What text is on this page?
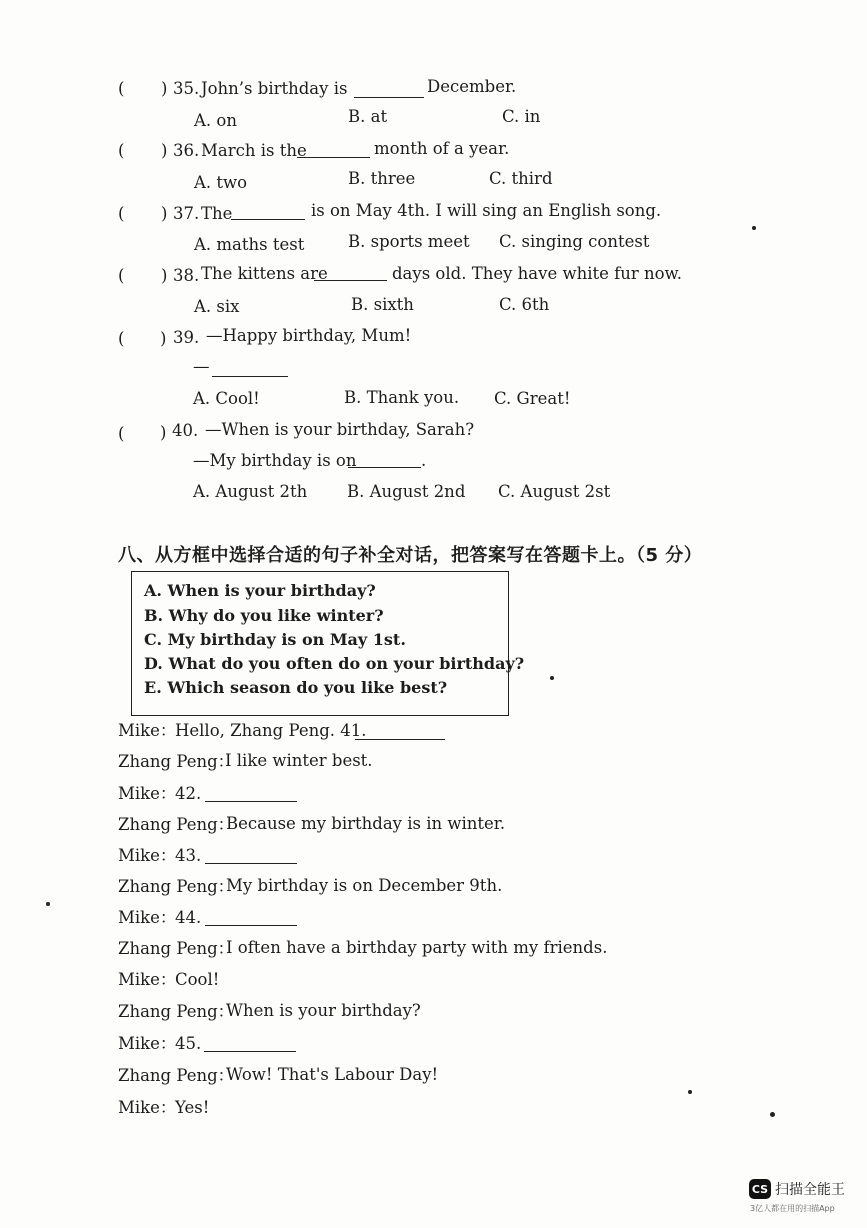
( ) 35. John’s birthday is	December.
A. on	B. at	C. in
( ) 36. March is the	month of a year.
A. two	B. three	C. third
( ) 37. The	is on May 4th. I will sing an English song.
A. maths test	B. sports meet C. singing contest
( ) 38. The kittens are	days old. They have white fur now.
A. six	B. sixth	C. 6th
( ) 39. —Happy birthday, Mum!
—
A. Cool!	B. Thank you. C. Great!
( ) 40. —When is your birthday, Sarah?
—My birthday is on	.
A. August 2th B. August 2nd C. August 2st
八、从方框中选择合适的句子补全对话，把答案写在答题卡上。（5 分）
A. When is your birthday?
B. Why do you like winter?
C. My birthday is on May 1st.
D. What do you often do on your birthday?
E. Which season do you like best?
Mike：
Hello, Zhang Peng. 41.
Zhang Peng：
I like winter best.
Mike：
42.
Zhang Peng：
Because my birthday is in winter.
Mike：
43.
Zhang Peng：
My birthday is on December 9th.
Mike：
44.
Zhang Peng：
I often have a birthday party with my friends.
Mike：
Cool!
Zhang Peng：
When is your birthday?
Mike：
45.
Zhang Peng：
Wow! That's Labour Day!
Mike：
Yes!
CS 扫描全能王
3亿人都在用的扫描App
